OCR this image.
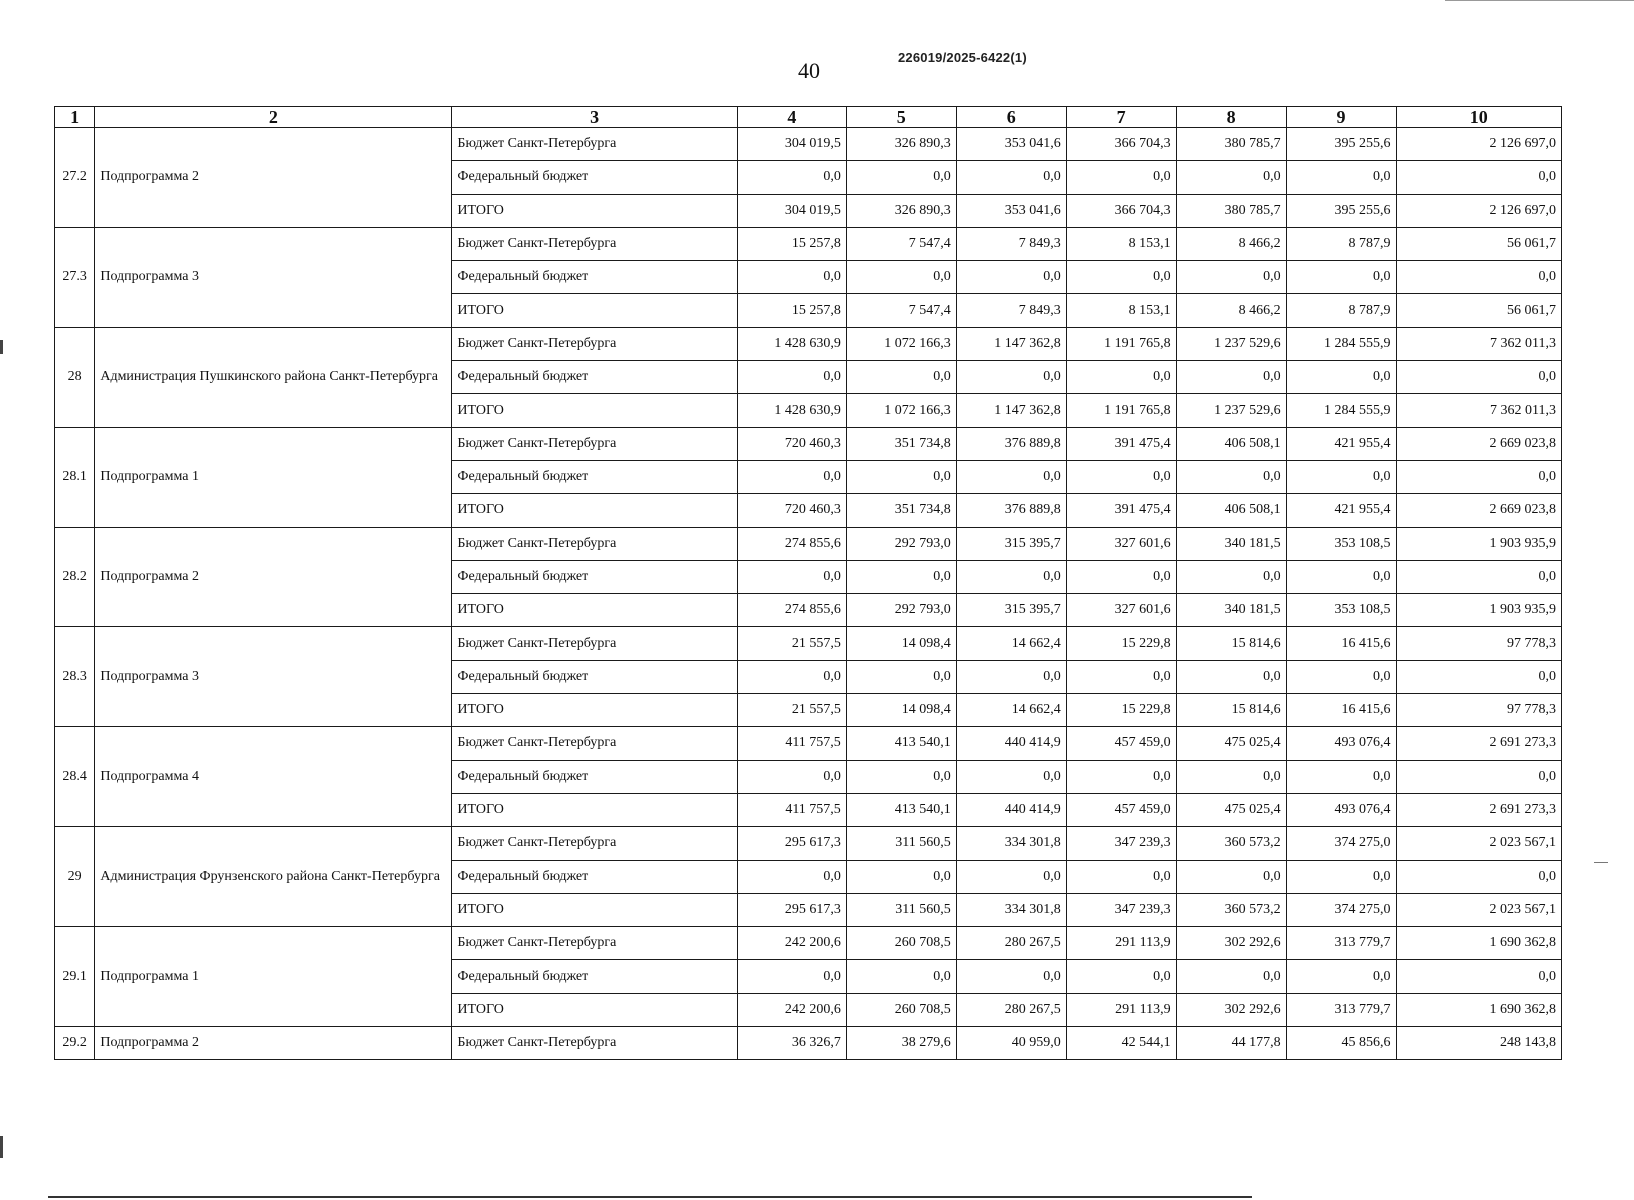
226019/2025-6422(1)
40
1	2	3	4	5	6	7	8	9	10
27.2	Подпрограмма 2	Бюджет Санкт-Петербурга	304 019,5	326 890,3	353 041,6	366 704,3	380 785,7	395 255,6	2 126 697,0
		Федеральный бюджет	0,0	0,0	0,0	0,0	0,0	0,0	0,0
		ИТОГО	304 019,5	326 890,3	353 041,6	366 704,3	380 785,7	395 255,6	2 126 697,0
27.3	Подпрограмма 3	Бюджет Санкт-Петербурга	15 257,8	7 547,4	7 849,3	8 153,1	8 466,2	8 787,9	56 061,7
		Федеральный бюджет	0,0	0,0	0,0	0,0	0,0	0,0	0,0
		ИТОГО	15 257,8	7 547,4	7 849,3	8 153,1	8 466,2	8 787,9	56 061,7
28	Администрация Пушкинского района Санкт-Петербурга	Бюджет Санкт-Петербурга	1 428 630,9	1 072 166,3	1 147 362,8	1 191 765,8	1 237 529,6	1 284 555,9	7 362 011,3
		Федеральный бюджет	0,0	0,0	0,0	0,0	0,0	0,0	0,0
		ИТОГО	1 428 630,9	1 072 166,3	1 147 362,8	1 191 765,8	1 237 529,6	1 284 555,9	7 362 011,3
28.1	Подпрограмма 1	Бюджет Санкт-Петербурга	720 460,3	351 734,8	376 889,8	391 475,4	406 508,1	421 955,4	2 669 023,8
		Федеральный бюджет	0,0	0,0	0,0	0,0	0,0	0,0	0,0
		ИТОГО	720 460,3	351 734,8	376 889,8	391 475,4	406 508,1	421 955,4	2 669 023,8
28.2	Подпрограмма 2	Бюджет Санкт-Петербурга	274 855,6	292 793,0	315 395,7	327 601,6	340 181,5	353 108,5	1 903 935,9
		Федеральный бюджет	0,0	0,0	0,0	0,0	0,0	0,0	0,0
		ИТОГО	274 855,6	292 793,0	315 395,7	327 601,6	340 181,5	353 108,5	1 903 935,9
28.3	Подпрограмма 3	Бюджет Санкт-Петербурга	21 557,5	14 098,4	14 662,4	15 229,8	15 814,6	16 415,6	97 778,3
		Федеральный бюджет	0,0	0,0	0,0	0,0	0,0	0,0	0,0
		ИТОГО	21 557,5	14 098,4	14 662,4	15 229,8	15 814,6	16 415,6	97 778,3
28.4	Подпрограмма 4	Бюджет Санкт-Петербурга	411 757,5	413 540,1	440 414,9	457 459,0	475 025,4	493 076,4	2 691 273,3
		Федеральный бюджет	0,0	0,0	0,0	0,0	0,0	0,0	0,0
		ИТОГО	411 757,5	413 540,1	440 414,9	457 459,0	475 025,4	493 076,4	2 691 273,3
29	Администрация Фрунзенского района Санкт-Петербурга	Бюджет Санкт-Петербурга	295 617,3	311 560,5	334 301,8	347 239,3	360 573,2	374 275,0	2 023 567,1
		Федеральный бюджет	0,0	0,0	0,0	0,0	0,0	0,0	0,0
		ИТОГО	295 617,3	311 560,5	334 301,8	347 239,3	360 573,2	374 275,0	2 023 567,1
29.1	Подпрограмма 1	Бюджет Санкт-Петербурга	242 200,6	260 708,5	280 267,5	291 113,9	302 292,6	313 779,7	1 690 362,8
		Федеральный бюджет	0,0	0,0	0,0	0,0	0,0	0,0	0,0
		ИТОГО	242 200,6	260 708,5	280 267,5	291 113,9	302 292,6	313 779,7	1 690 362,8
29.2	Подпрограмма 2	Бюджет Санкт-Петербурга	36 326,7	38 279,6	40 959,0	42 544,1	44 177,8	45 856,6	248 143,8
